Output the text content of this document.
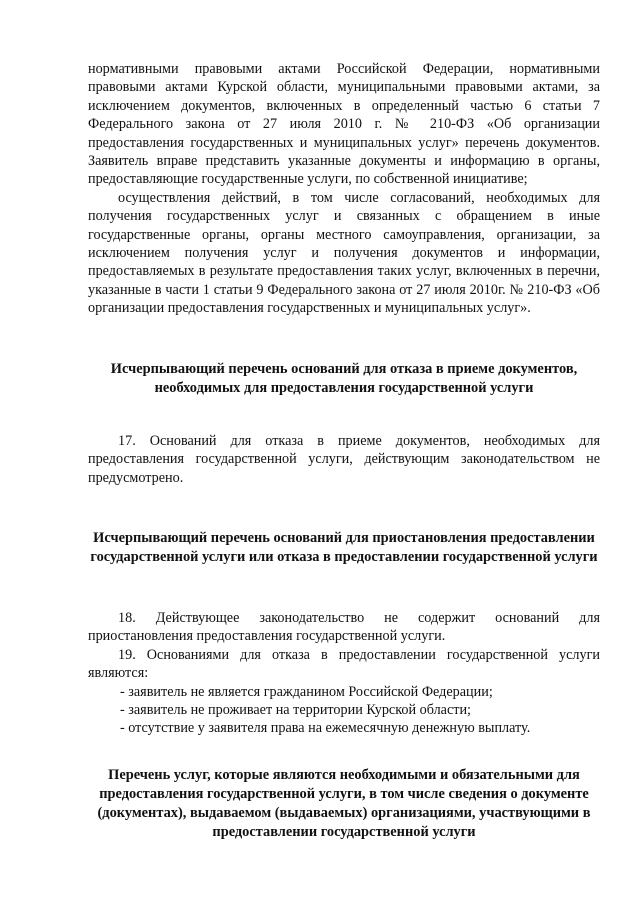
нормативными правовыми актами Российской Федерации, нормативными правовыми актами Курской области, муниципальными правовыми актами, за исключением документов, включенных в определенный частью 6 статьи 7 Федерального закона от 27 июля 2010 г. № 210-ФЗ «Об организации предоставления государственных и муниципальных услуг» перечень документов. Заявитель вправе представить указанные документы и информацию в органы, предоставляющие государственные услуги, по собственной инициативе;

осуществления действий, в том числе согласований, необходимых для получения государственных услуг и связанных с обращением в иные государственные органы, органы местного самоуправления, организации, за исключением получения услуг и получения документов и информации, предоставляемых в результате предоставления таких услуг, включенных в перечни, указанные в части 1 статьи 9 Федерального закона от 27 июля 2010г. № 210-ФЗ «Об организации предоставления государственных и муниципальных услуг».

Исчерпывающий перечень оснований для отказа в приеме документов, необходимых для предоставления государственной услуги

17. Оснований для отказа в приеме документов, необходимых для предоставления государственной услуги, действующим законодательством не предусмотрено.

Исчерпывающий перечень оснований для приостановления предоставлении государственной услуги или отказа в предоставлении государственной услуги

18. Действующее законодательство не содержит оснований для приостановления предоставления государственной услуги.

19. Основаниями для отказа в предоставлении государственной услуги являются:

- заявитель не является гражданином Российской Федерации;

- заявитель не проживает на территории Курской области;

- отсутствие у заявителя права на ежемесячную денежную выплату.

Перечень услуг, которые являются необходимыми и обязательными для предоставления государственной услуги, в том числе сведения о документе (документах), выдаваемом (выдаваемых) организациями, участвующими в предоставлении государственной услуги
